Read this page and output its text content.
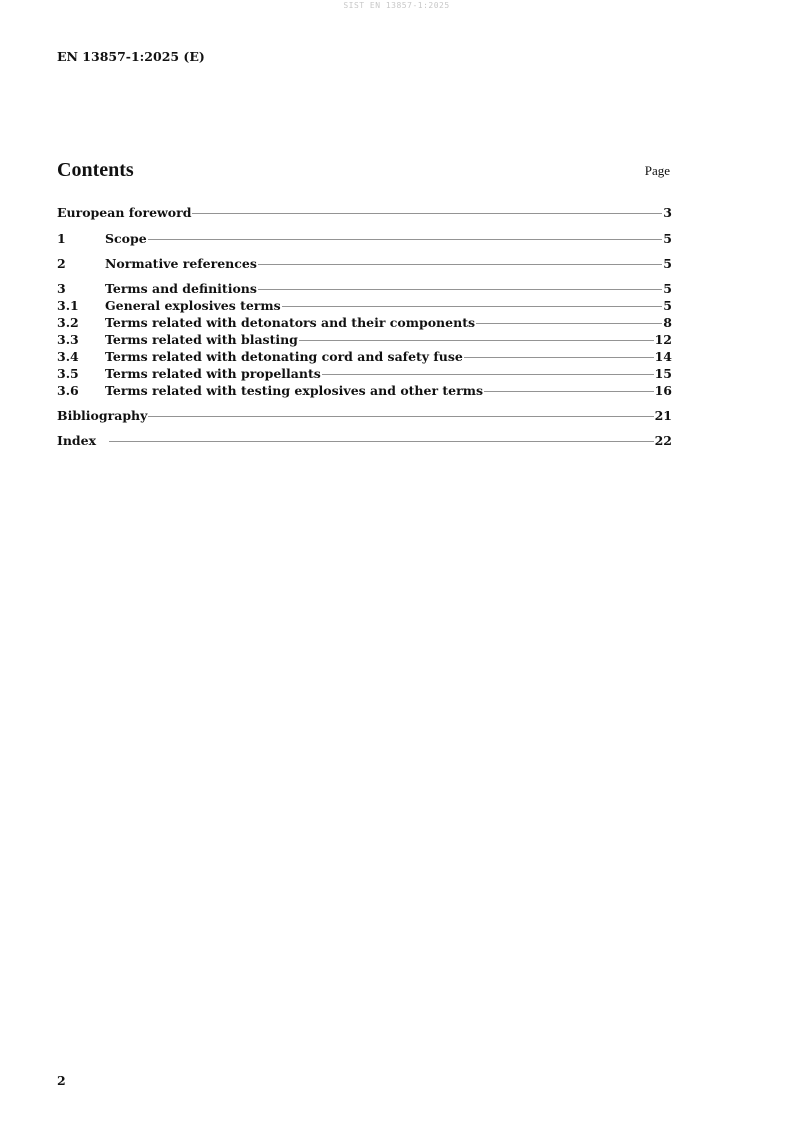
SIST EN 13857-1:2025
EN 13857-1:2025 (E)
Contents	Page
European foreword	3
1	Scope	5
2	Normative references	5
3	Terms and definitions	5
3.1	General explosives terms	5
3.2	Terms related with detonators and their components	8
3.3	Terms related with blasting	12
3.4	Terms related with detonating cord and safety fuse	14
3.5	Terms related with propellants	15
3.6	Terms related with testing explosives and other terms	16
Bibliography	21
Index	22
2
